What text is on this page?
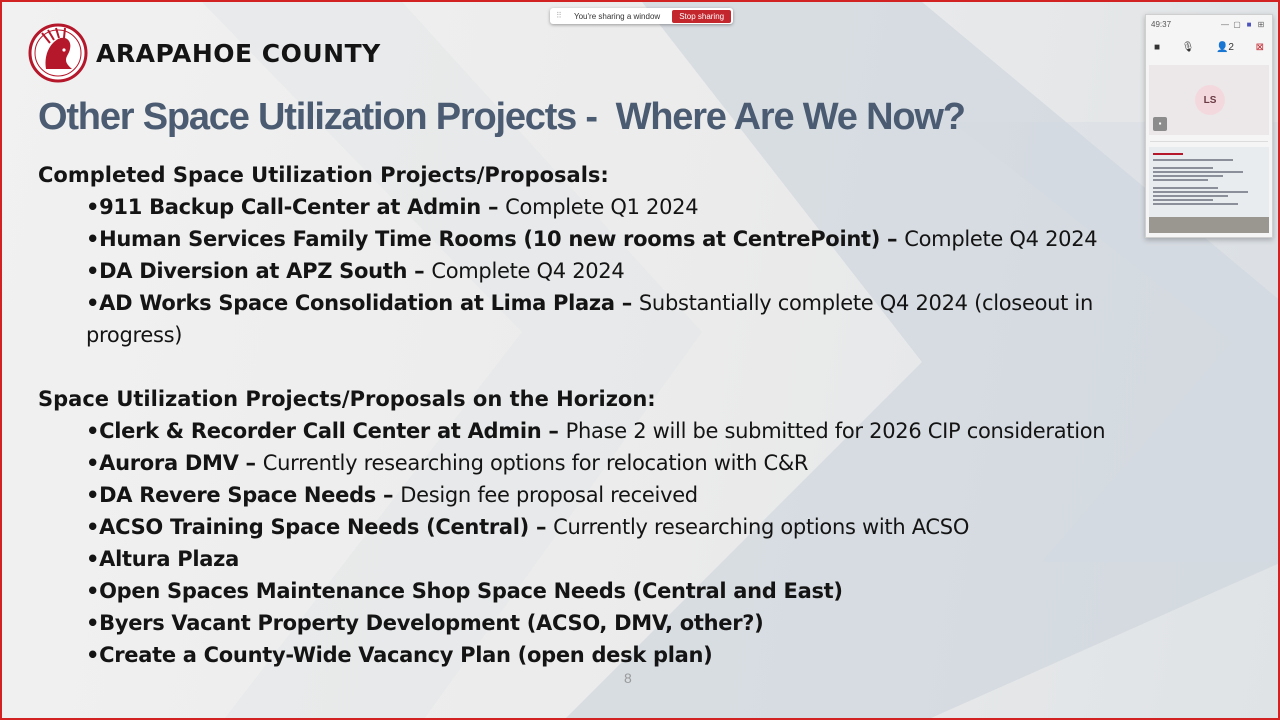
ARAPAHOE COUNTY
Other Space Utilization Projects -  Where Are We Now?

Completed Space Utilization Projects/Proposals:

•911 Backup Call-Center at Admin – Complete Q1 2024
•Human Services Family Time Rooms (10 new rooms at CentrePoint) – Complete Q4 2024
•DA Diversion at APZ South – Complete Q4 2024
•AD Works Space Consolidation at Lima Plaza – Substantially complete Q4 2024 (closeout in
progress)

Space Utilization Projects/Proposals on the Horizon:

•Clerk & Recorder Call Center at Admin – Phase 2 will be submitted for 2026 CIP consideration
•Aurora DMV – Currently researching options for relocation with C&R
•DA Revere Space Needs – Design fee proposal received
•ACSO Training Space Needs (Central) – Currently researching options with ACSO
•Altura Plaza
•Open Spaces Maintenance Shop Space Needs (Central and East)
•Byers Vacant Property Development (ACSO, DMV, other?)
•Create a County-Wide Vacancy Plan (open desk plan)
8
⠿ You're sharing a window	Stop sharing
49:37	— ▢ ■ ⊞
■ 🎙 👤2 ⊠
LS
▪
